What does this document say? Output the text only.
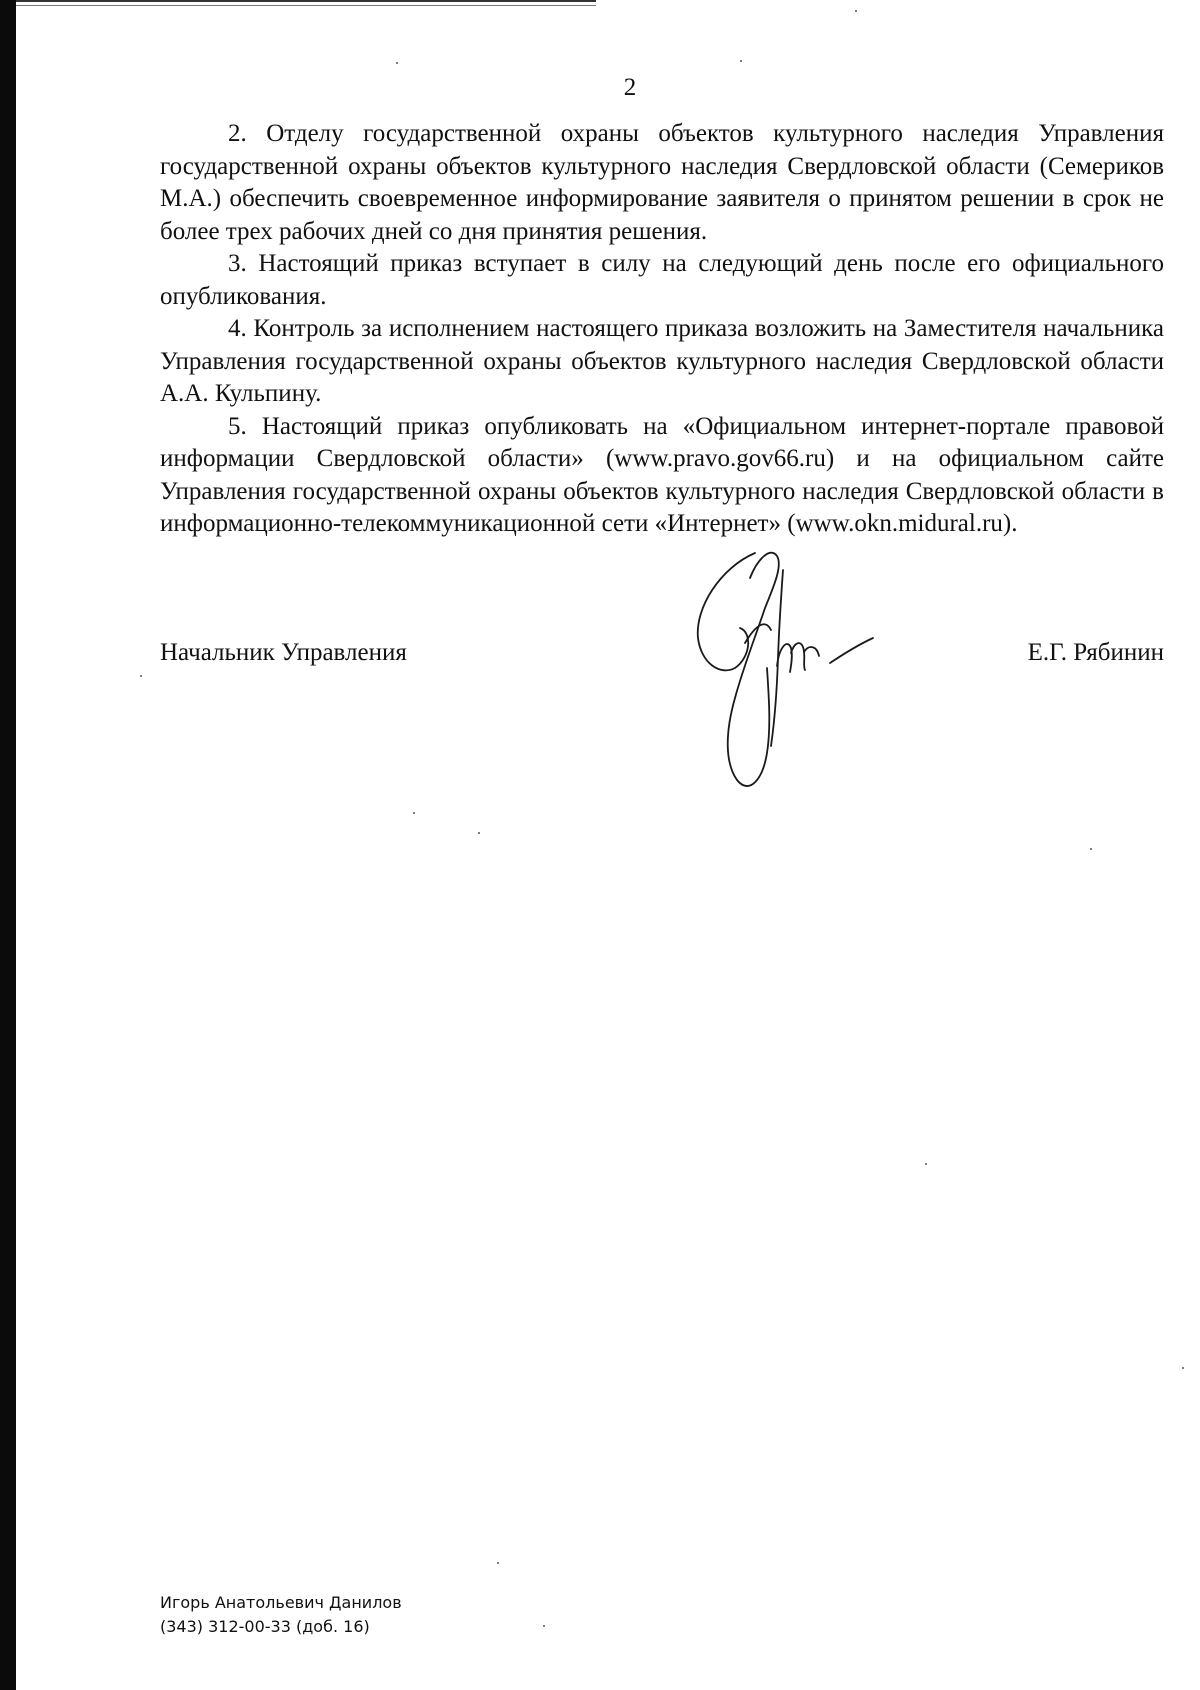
2

2. Отделу государственной охраны объектов культурного наследия Управления государственной охраны объектов культурного наследия Свердловской области (Семериков М.А.) обеспечить своевременное информирование заявителя о принятом решении в срок не более трех рабочих дней со дня принятия решения.

3. Настоящий приказ вступает в силу на следующий день после его официального опубликования.

4. Контроль за исполнением настоящего приказа возложить на Заместителя начальника Управления государственной охраны объектов культурного наследия Свердловской области А.А. Кульпину.

5. Настоящий приказ опубликовать на «Официальном интернет-портале правовой информации Свердловской области» (www.pravo.gov66.ru) и на официальном сайте Управления государственной охраны объектов культурного наследия Свердловской области в информационно-телекоммуникационной сети «Интернет» (www.okn.midural.ru).

Начальник Управления	Е.Г. Рябинин
Игорь Анатольевич Данилов
(343) 312-00-33 (доб. 16)
